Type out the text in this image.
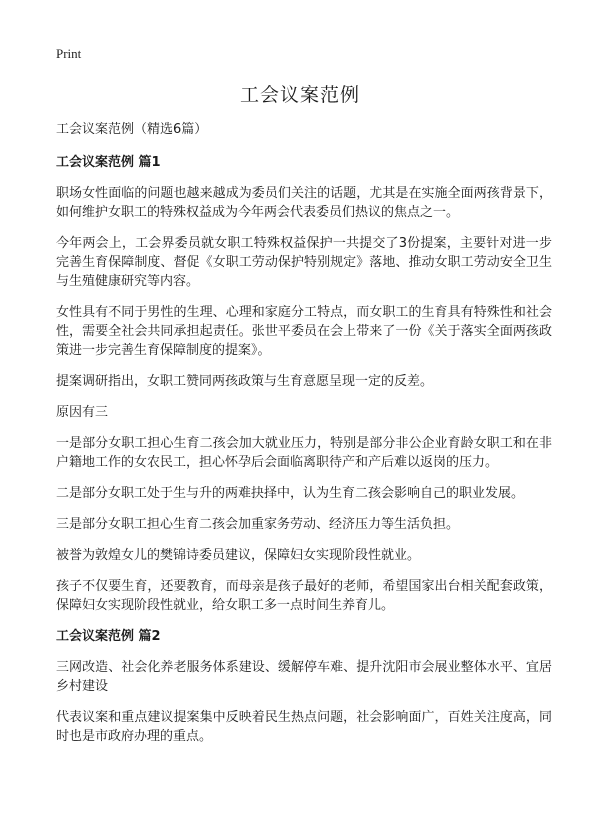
Print
工会议案范例

工会议案范例（精选6篇）

工会议案范例 篇1

职场女性面临的问题也越来越成为委员们关注的话题，尤其是在实施全面两孩背景下，如何维护女职工的特殊权益成为今年两会代表委员们热议的焦点之一。

今年两会上，工会界委员就女职工特殊权益保护一共提交了3份提案，主要针对进一步完善生育保障制度、督促《女职工劳动保护特别规定》落地、推动女职工劳动安全卫生与生殖健康研究等内容。

女性具有不同于男性的生理、心理和家庭分工特点，而女职工的生育具有特殊性和社会性，需要全社会共同承担起责任。张世平委员在会上带来了一份《关于落实全面两孩政策进一步完善生育保障制度的提案》。

提案调研指出，女职工赞同两孩政策与生育意愿呈现一定的反差。

原因有三

一是部分女职工担心生育二孩会加大就业压力，特别是部分非公企业育龄女职工和在非户籍地工作的女农民工，担心怀孕后会面临离职待产和产后难以返岗的压力。

二是部分女职工处于生与升的两难抉择中，认为生育二孩会影响自己的职业发展。

三是部分女职工担心生育二孩会加重家务劳动、经济压力等生活负担。

被誉为敦煌女儿的樊锦诗委员建议，保障妇女实现阶段性就业。

孩子不仅要生育，还要教育，而母亲是孩子最好的老师，希望国家出台相关配套政策，保障妇女实现阶段性就业，给女职工多一点时间生养育儿。

工会议案范例 篇2

三网改造、社会化养老服务体系建设、缓解停车难、提升沈阳市会展业整体水平、宜居乡村建设

代表议案和重点建议提案集中反映着民生热点问题，社会影响面广，百姓关注度高，同时也是市政府办理的重点。
